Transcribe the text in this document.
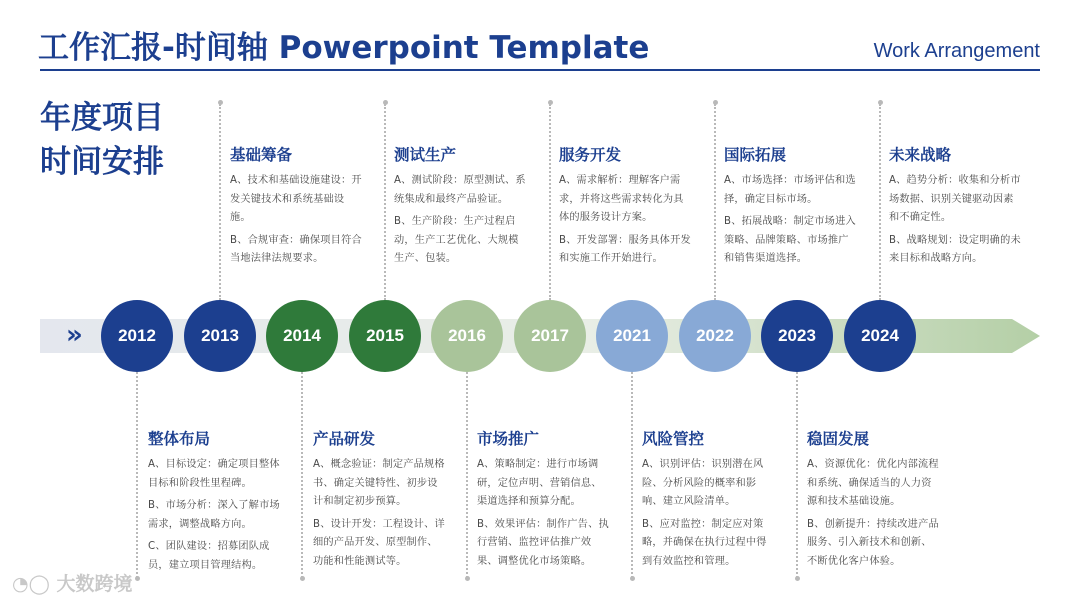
工作汇报-时间轴 Powerpoint Template	Work Arrangement
年度项目
时间安排
»	2012	2013	2014	2015	2016	2017	2021	2022	2023	2024
基础筹备

A、技术和基础设施建设：开发关键技术和系统基础设施。

B、合规审查：确保项目符合当地法律法规要求。

测试生产

A、测试阶段：原型测试、系统集成和最终产品验证。

B、生产阶段：生产过程启动，生产工艺优化、大规模生产、包装。

服务开发

A、需求解析：理解客户需求，并将这些需求转化为具体的服务设计方案。

B、开发部署：服务具体开发和实施工作开始进行。

国际拓展

A、市场选择：市场评估和选择，确定目标市场。

B、拓展战略：制定市场进入策略、品牌策略、市场推广和销售渠道选择。

未来战略

A、趋势分析：收集和分析市场数据、识别关键驱动因素和不确定性。

B、战略规划：设定明确的未来目标和战略方向。

整体布局

A、目标设定：确定项目整体目标和阶段性里程碑。

B、市场分析：深入了解市场需求，调整战略方向。

C、团队建设：招募团队成员，建立项目管理结构。

产品研发

A、概念验证：制定产品规格书、确定关键特性、初步设计和制定初步预算。

B、设计开发：工程设计、详细的产品开发、原型制作、功能和性能测试等。

市场推广

A、策略制定：进行市场调研，定位声明、营销信息、渠道选择和预算分配。

B、效果评估：制作广告、执行营销、监控评估推广效果、调整优化市场策略。

风险管控

A、识别评估：识别潜在风险、分析风险的概率和影响、建立风险清单。

B、应对监控：制定应对策略，并确保在执行过程中得到有效监控和管理。

稳固发展

A、资源优化：优化内部流程和系统、确保适当的人力资源和技术基础设施。

B、创新提升：持续改进产品服务、引入新技术和创新、不断优化客户体验。

◔◯ 大数跨境
